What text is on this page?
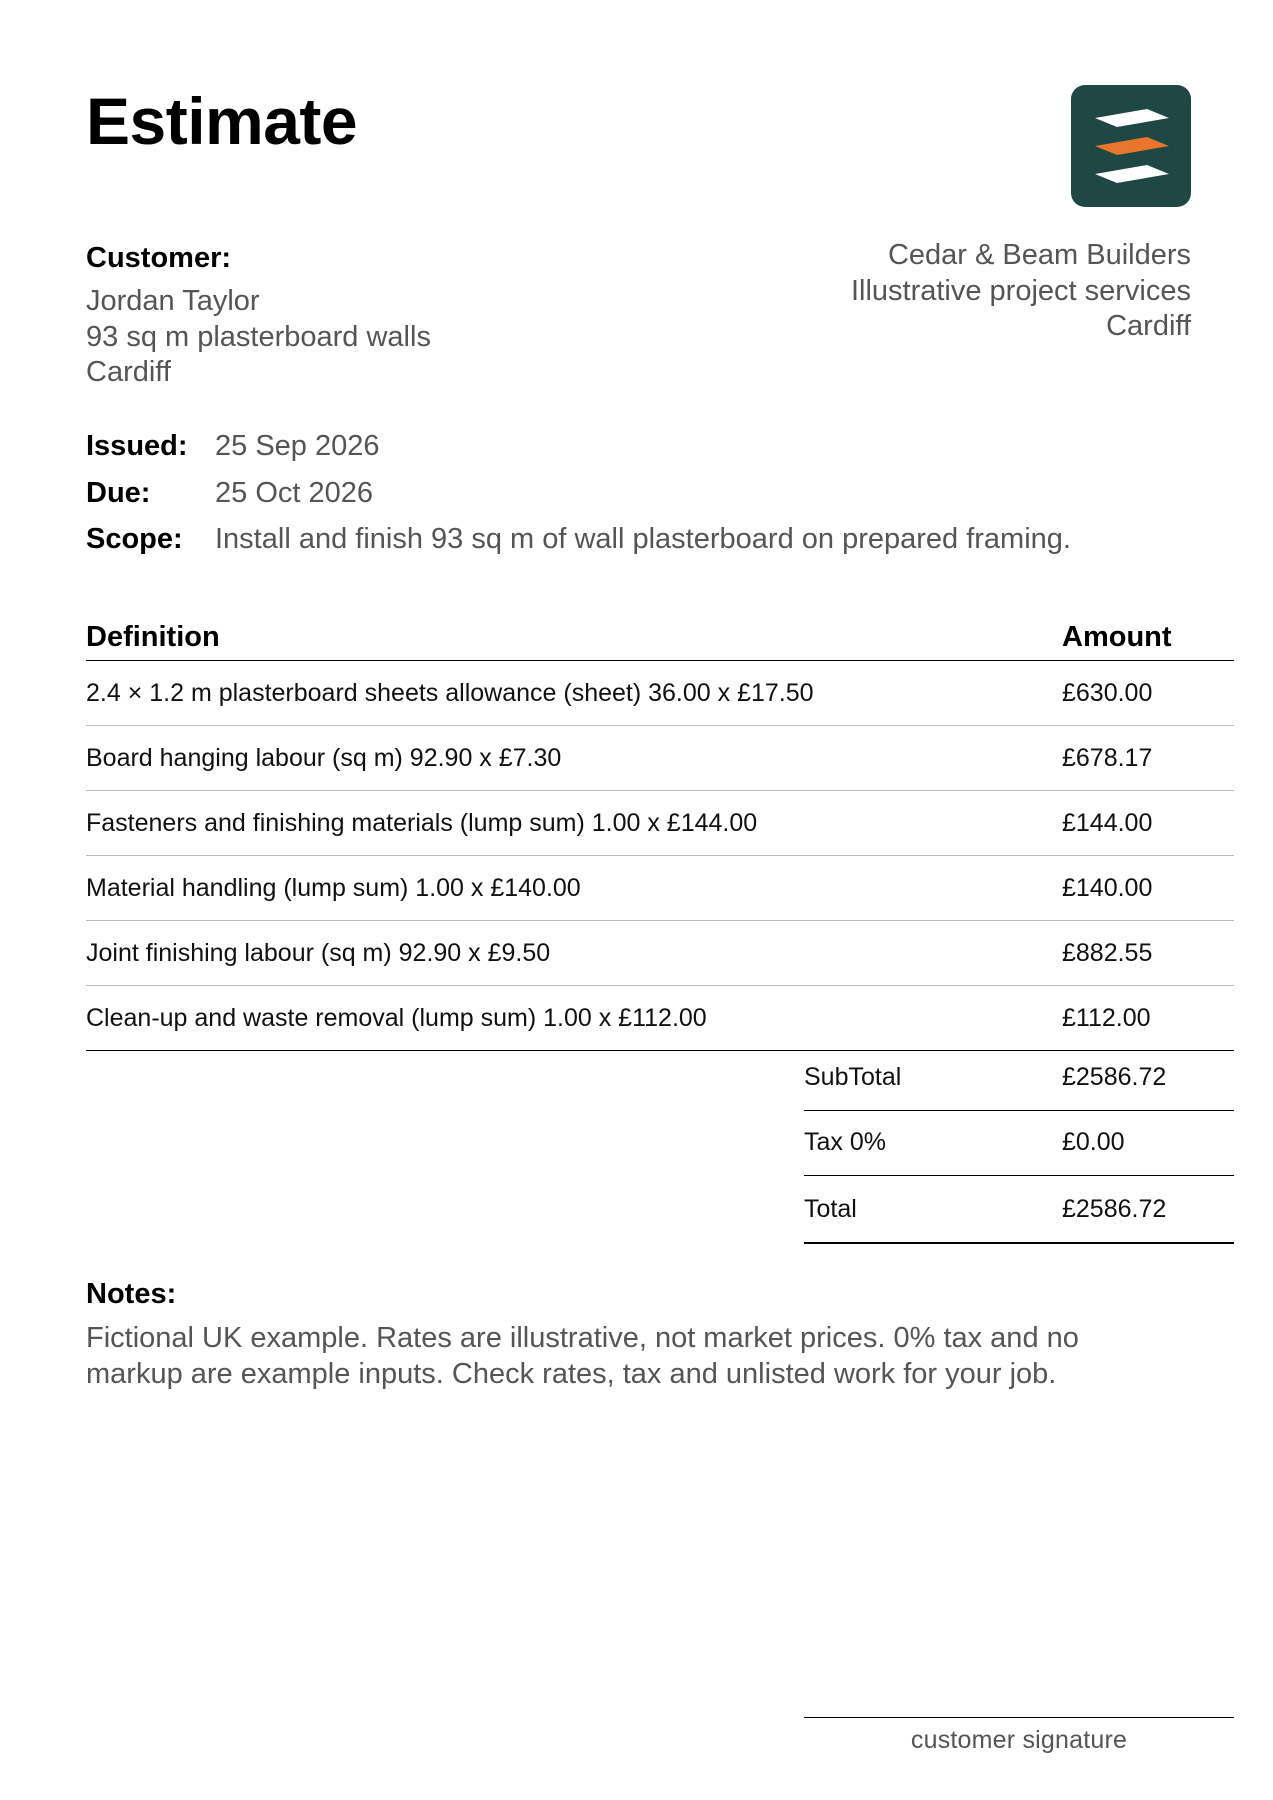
Estimate
Customer:
Jordan Taylor
93 sq m plasterboard walls
Cardiff
Cedar & Beam Builders
Illustrative project services
Cardiff
Issued: 25 Sep 2026
Due:	25 Oct 2026
Scope:	Install and finish 93 sq m of wall plasterboard on prepared framing.
Definition	Amount
2.4 × 1.2 m plasterboard sheets allowance (sheet) 36.00 x £17.50	£630.00
Board hanging labour (sq m) 92.90 x £7.30	£678.17
Fasteners and finishing materials (lump sum) 1.00 x £144.00	£144.00
Material handling (lump sum) 1.00 x £140.00	£140.00
Joint finishing labour (sq m) 92.90 x £9.50	£882.55
Clean-up and waste removal (lump sum) 1.00 x £112.00	£112.00
SubTotal	£2586.72
Tax 0%	£0.00
Total	£2586.72
Notes:
Fictional UK example. Rates are illustrative, not market prices. 0% tax and no
markup are example inputs. Check rates, tax and unlisted work for your job.
customer signature
